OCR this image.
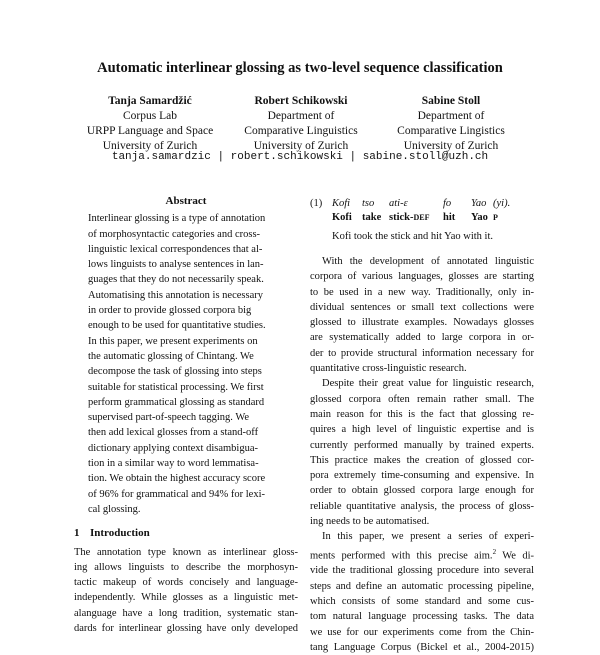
Automatic interlinear glossing as two-level sequence classification
Tanja Samardžić
Corpus Lab
URPP Language and Space
University of Zurich
Robert Schikowski
Department of
Comparative Linguistics
University of Zurich
Sabine Stoll
Department of
Comparative Lingistics
University of Zurich
tanja.samardzic | robert.schikowski | sabine.stoll@uzh.ch
Abstract
Interlinear glossing is a type of annotation
of morphosyntactic categories and cross-
linguistic lexical correspondences that al-
lows linguists to analyse sentences in lan-
guages that they do not necessarily speak.
Automatising this annotation is necessary
in order to provide glossed corpora big
enough to be used for quantitative studies.
In this paper, we present experiments on
the automatic glossing of Chintang. We
decompose the task of glossing into steps
suitable for statistical processing. We first
perform grammatical glossing as standard
supervised part-of-speech tagging. We
then add lexical glosses from a stand-off
dictionary applying context disambigua-
tion in a similar way to word lemmatisa-
tion. We obtain the highest accuracy score
of 96% for grammatical and 94% for lexi-
cal glossing.
1 Introduction
The annotation type known as interlinear gloss-
ing allows linguists to describe the morphosyn-
tactic makeup of words concisely and language-
independently. While glosses as a linguistic met-
alanguage have a long tradition, systematic stan-
dards for interlinear glossing have only developed
(1) Kofi tso ati-ɛ	fo Yao (yi).
Kofi take stick-DEF hit Yao P
Kofi took the stick and hit Yao with it.
With the development of annotated linguistic
corpora of various languages, glosses are starting
to be used in a new way. Traditionally, only in-
dividual sentences or small text collections were
glossed to illustrate examples. Nowadays glosses
are systematically added to large corpora in or-
der to provide structural information necessary for
quantitative cross-linguistic research.
Despite their great value for linguistic research,
glossed corpora often remain rather small. The
main reason for this is the fact that glossing re-
quires a high level of linguistic expertise and is
currently performed manually by trained experts.
This practice makes the creation of glossed cor-
pora extremely time-consuming and expensive. In
order to obtain glossed corpora large enough for
reliable quantitative analysis, the process of gloss-
ing needs to be automatised.
In this paper, we present a series of experi-
ments performed with this precise aim.$^2$ We di-
vide the traditional glossing procedure into several
steps and define an automatic processing pipeline,
which consists of some standard and some cus-
tom natural language processing tasks. The data
we use for our experiments come from the Chin-
tang Language Corpus (Bickel et al., 2004-2015)
